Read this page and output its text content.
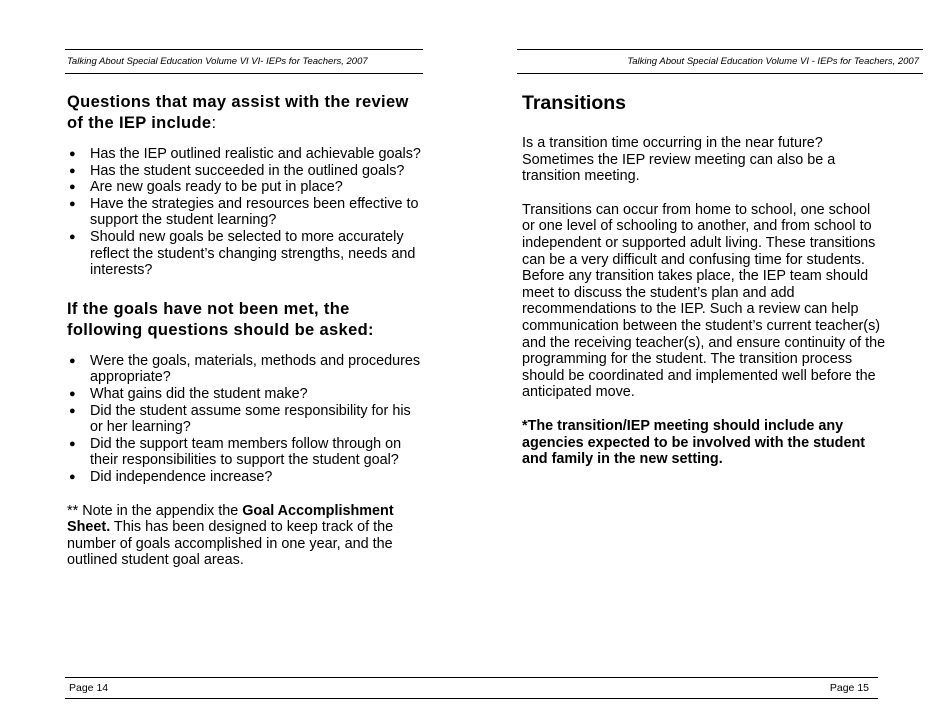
Talking About Special Education Volume VI VI- IEPs for Teachers, 2007

Questions that may assist with the review of the IEP include:

● Has the IEP outlined realistic and achievable goals?
● Has the student succeeded in the outlined goals?
● Are new goals ready to be put in place?
● Have the strategies and resources been effective to support the student learning?
● Should new goals be selected to more accurately reflect the student’s changing strengths, needs and interests?

If the goals have not been met, the following questions should be asked:

● Were the goals, materials, methods and procedures appropriate?
● What gains did the student make?
● Did the student assume some responsibility for his or her learning?
● Did the support team members follow through on their responsibilities to support the student goal?
● Did independence increase?

** Note in the appendix the Goal Accomplishment Sheet. This has been designed to keep track of the number of goals accomplished in one year, and the outlined student goal areas.

Page 14
Talking About Special Education Volume VI - IEPs for Teachers, 2007

Transitions

Is a transition time occurring in the near future? Sometimes the IEP review meeting can also be a transition meeting.

Transitions can occur from home to school, one school or one level of schooling to another, and from school to independent or supported adult living. These transitions can be a very difficult and confusing time for students. Before any transition takes place, the IEP team should meet to discuss the student’s plan and add recommendations to the IEP. Such a review can help communication between the student’s current teacher(s) and the receiving teacher(s), and ensure continuity of the programming for the student. The transition process should be coordinated and implemented well before the anticipated move.

*The transition/IEP meeting should include any agencies expected to be involved with the student and family in the new setting.

Page 15
